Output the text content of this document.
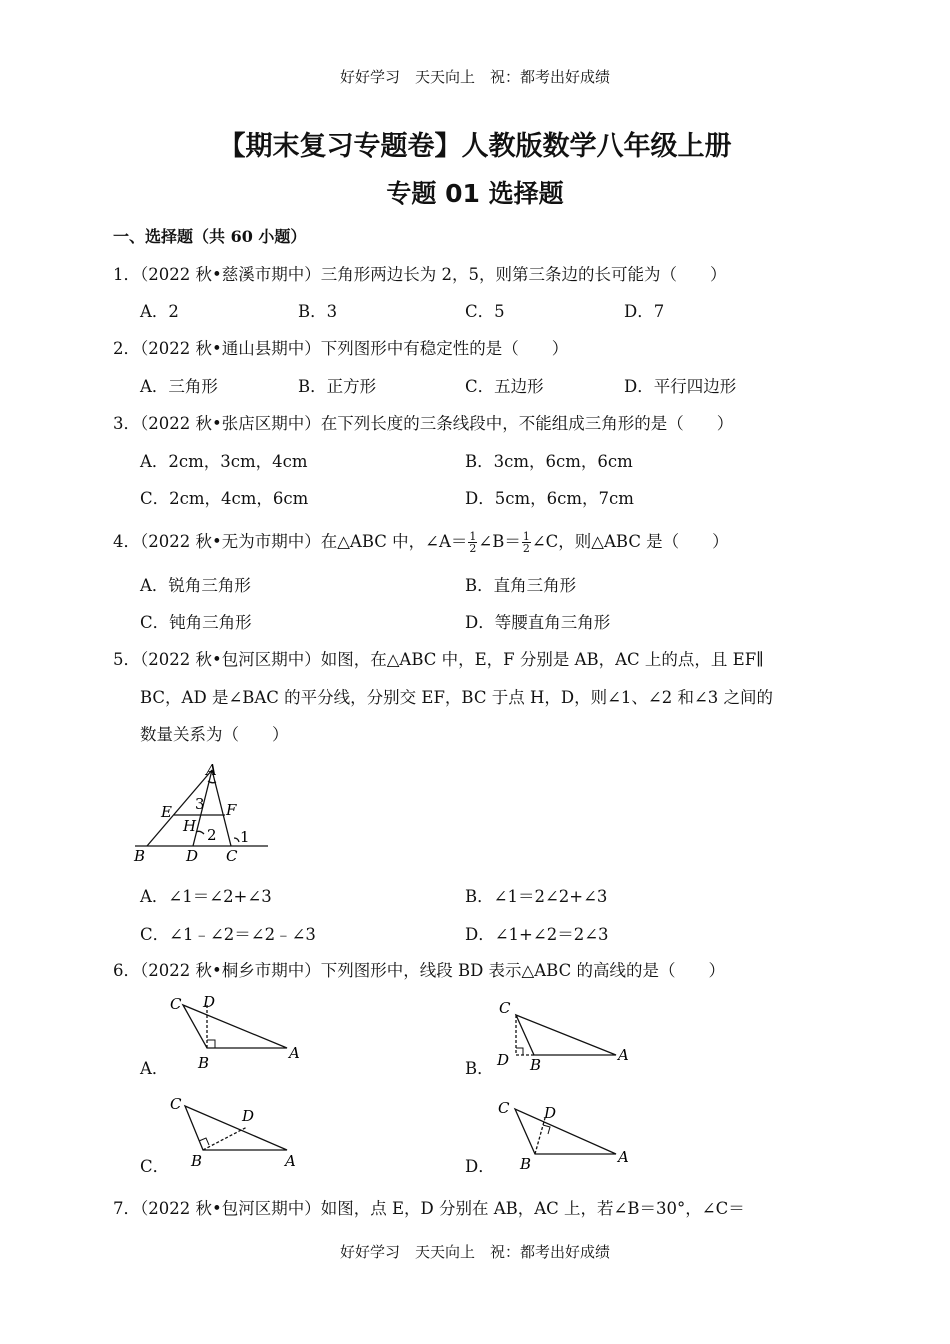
好好学习　天天向上　祝：都考出好成绩
【期末复习专题卷】人教版数学八年级上册
专题 01 选择题
一、选择题（共 60 小题）
1．（2022 秋•慈溪市期中）三角形两边长为 2，5，则第三条边的长可能为（　　）
A．2	B．3	C．5	D．7
2．（2022 秋•通山县期中）下列图形中有稳定性的是（　　）
A．三角形	B．正方形	C．五边形	D．平行四边形
3．（2022 秋•张店区期中）在下列长度的三条线段中，不能组成三角形的是（　　）
A．2cm，3cm，4cm	B．3cm，6cm，6cm
C．2cm，4cm，6cm	D．5cm，6cm，7cm
4．（2022 秋•无为市期中）在△ABC 中，∠A＝ $\frac{1}{2}$ ∠B＝ $\frac{1}{2}$ ∠C，则△ABC 是（　　）
A．锐角三角形	B．直角三角形
C．钝角三角形	D．等腰直角三角形
5．（2022 秋•包河区期中）如图，在△ABC 中，E，F 分别是 AB，AC 上的点，且 EF∥
BC，AD 是∠BAC 的平分线，分别交 EF，BC 于点 H，D，则∠1、∠2 和∠3 之间的
数量关系为（　　）
A
B	C
D
E	F
H
1
2
3
A．∠1＝∠2+∠3	B．∠1＝2∠2+∠3
C．∠1﹣∠2＝∠2﹣∠3	D．∠1+∠2＝2∠3
6．（2022 秋•桐乡市期中）下列图形中，线段 BD 表示△ABC 的高线的是（　　）
A．
C D
B
A
B．
C
D B
A
C．
C
D
B	A	D．
C D
B	A
7．（2022 秋•包河区期中）如图，点 E，D 分别在 AB，AC 上，若∠B＝30°，∠C＝
好好学习　天天向上　祝：都考出好成绩
